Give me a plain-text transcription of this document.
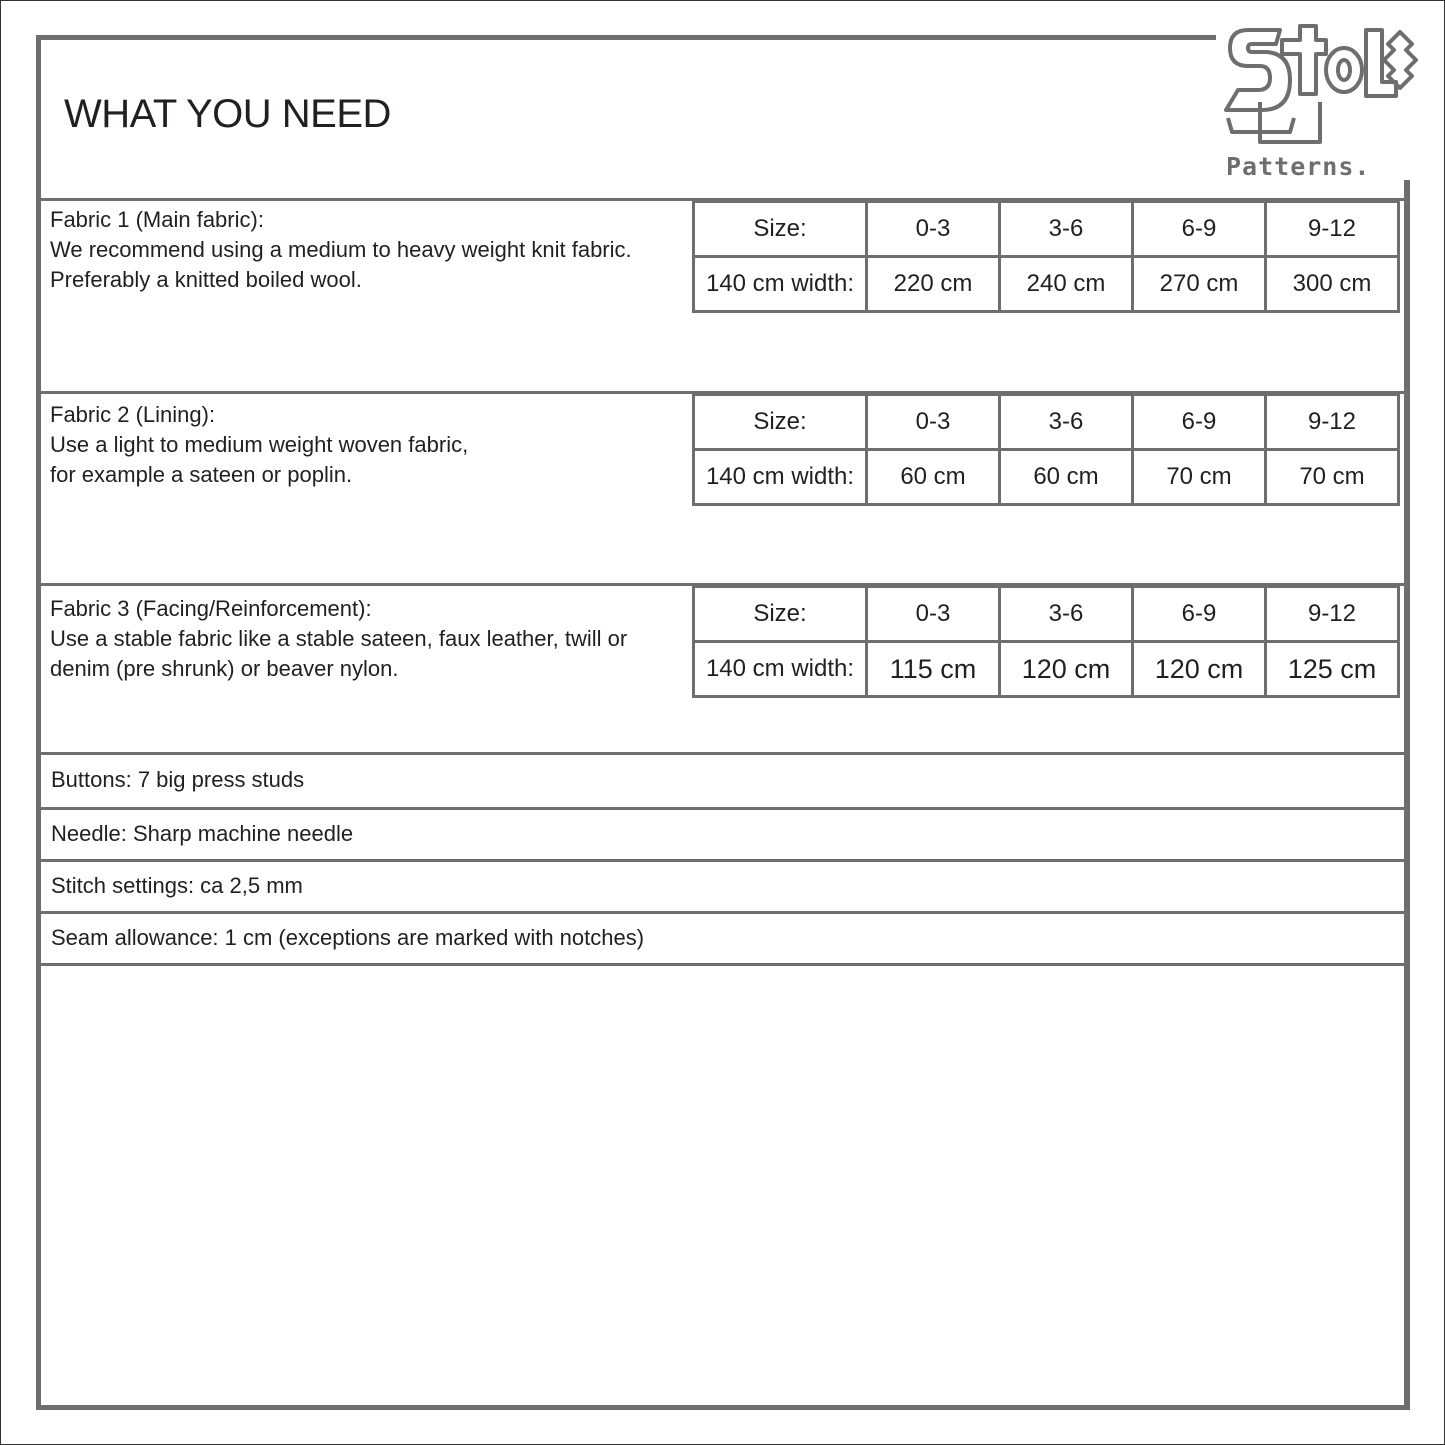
WHAT YOU NEED
Patterns.
Fabric 1 (Main fabric):
We recommend using a medium to heavy weight knit fabric.
Preferably a knitted boiled wool.
Size:	0-3	3-6	6-9	9-12
140 cm width:	220 cm	240 cm	270 cm	300 cm
Fabric 2 (Lining):
Use a light to medium weight woven fabric,
for example a sateen or poplin.
Size:	0-3	3-6	6-9	9-12
140 cm width:	60 cm	60 cm	70 cm	70 cm
Fabric 3 (Facing/Reinforcement):
Use a stable fabric like a stable sateen, faux leather, twill or
denim (pre shrunk) or beaver nylon.
Size:	0-3	3-6	6-9	9-12
140 cm width:	115 cm	120 cm	120 cm	125 cm
Buttons: 7 big press studs
Needle: Sharp machine needle
Stitch settings: ca 2,5 mm
Seam allowance: 1 cm (exceptions are marked with notches)
